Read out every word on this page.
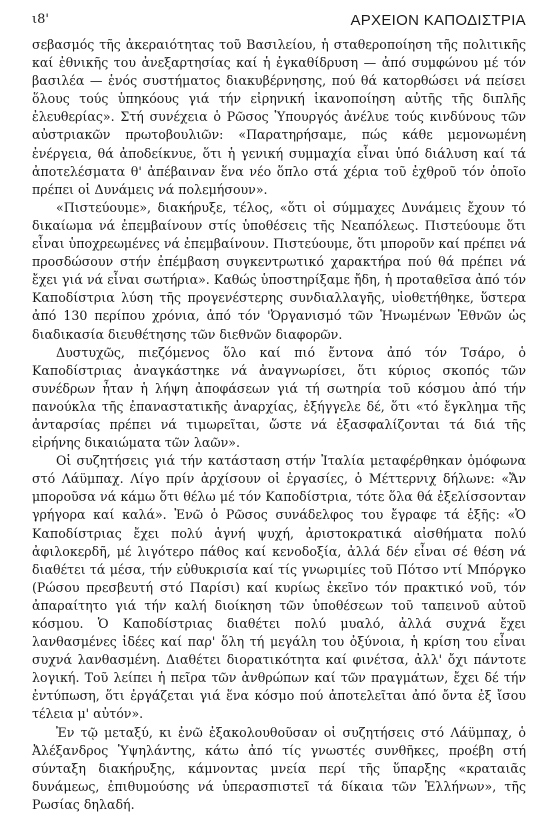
ι8'	ΑΡΧΕΙΟΝ ΚΑΠΟΔΙΣΤΡΙΑ

σεβασμός τῆς ἀκεραιότητας τοῦ Βασιλείου, ἡ σταθεροποίηση τῆς πολιτικῆς καί ἐθνικῆς του ἀνεξαρτησίας καί ἡ ἐγκαθίδρυση — ἀπό συμφώνου μέ τόν βασιλέα — ἑνός συστήματος διακυβέρνησης, πού θά κατορθώσει νά πείσει ὅλους τούς ὑπηκόους γιά τήν εἰρηνική ἱκανοποίηση αὐτῆς τῆς διπλῆς ἐλευθερίας». Στή συνέχεια ὁ Ρῶσος Ὑπουργός ἀνέλυε τούς κινδύνους τῶν αὐστριακῶν πρωτοβουλιῶν: «Παρατηρήσαμε, πώς κάθε μεμονωμένη ἐνέργεια, θά ἀποδείκνυε, ὅτι ἡ γενική συμμαχία εἶναι ὑπό διάλυση καί τά ἀποτελέσματα θ' ἀπέβαιναν ἕνα νέο ὅπλο στά χέρια τοῦ ἐχθροῦ τόν ὁποῖο πρέπει οἱ Δυνάμεις νά πολεμήσουν».

«Πιστεύουμε», διακήρυξε, τέλος, «ὅτι οἱ σύμμαχες Δυνάμεις ἔχουν τό δικαίωμα νά ἐπεμβαίνουν στίς ὑποθέσεις τῆς Νεαπόλεως. Πιστεύουμε ὅτι εἶναι ὑποχρεωμένες νά ἐπεμβαίνουν. Πιστεύουμε, ὅτι μποροῦν καί πρέπει νά προσδώσουν στήν ἐπέμβαση συγκεντρωτικό χαρακτήρα πού θά πρέπει νά ἔχει γιά νά εἶναι σωτήρια». Καθώς ὑποστηρίξαμε ἤδη, ἡ προταθεῖσα ἀπό τόν Καποδίστρια λύση τῆς προγενέστερης συνδιαλλαγῆς, υἱοθετήθηκε, ὕστερα ἀπό 130 περίπου χρόνια, ἀπό τόν 'Ὀργανισμό τῶν Ἡνωμένων Ἐθνῶν ὡς διαδικασία διευθέτησης τῶν διεθνῶν διαφορῶν.

Δυστυχῶς, πιεζόμενος ὅλο καί πιό ἔντονα ἀπό τόν Τσάρο, ὁ Καποδίστριας ἀναγκάστηκε νά ἀναγνωρίσει, ὅτι κύριος σκοπός τῶν συνέδρων ἦταν ἡ λήψη ἀποφάσεων γιά τή σωτηρία τοῦ κόσμου ἀπό τήν πανούκλα τῆς ἐπαναστατικῆς ἀναρχίας, ἐξήγγελε δέ, ὅτι «τό ἔγκλημα τῆς ἀνταρσίας πρέπει νά τιμωρεῖται, ὥστε νά ἐξασφαλίζονται τά διά τῆς εἰρήνης δικαιώματα τῶν λαῶν».

Οἱ συζητήσεις γιά τήν κατάσταση στήν Ἰταλία μεταφέρθηκαν ὁμόφωνα στό Λάϋμπαχ. Λίγο πρίν ἀρχίσουν οἱ ἐργασίες, ὁ Μέττερνιχ δήλωνε: «Ἄν μποροῦσα νά κάμω ὅτι θέλω μέ τόν Καποδίστρια, τότε ὅλα θά ἐξελίσσονταν γρήγορα καί καλά». Ἐνῶ ὁ Ρῶσος συνάδελφος του ἔγραφε τά ἑξῆς: «Ὁ Καποδίστριας ἔχει πολύ ἁγνή ψυχή, ἀριστοκρατικά αἰσθήματα πολύ ἀφιλοκερδῆ, μέ λιγότερο πάθος καί κενοδοξία, ἀλλά δέν εἶναι σέ θέση νά διαθέτει τά μέσα, τήν εὐθυκρισία καί τίς γνωριμίες τοῦ Πότσο ντί Μπόργκο (Ρώσου πρεσβευτή στό Παρίσι) καί κυρίως ἐκεῖνο τόν πρακτικό νοῦ, τόν ἀπαραίτητο γιά τήν καλή διοίκηση τῶν ὑποθέσεων τοῦ ταπεινοῦ αὐτοῦ κόσμου. Ὁ Καποδίστριας διαθέτει πολύ μυαλό, ἀλλά συχνά ἔχει λανθασμένες ἰδέες καί παρ' ὅλη τή μεγάλη του ὀξύνοια, ἡ κρίση του εἶναι συχνά λανθασμένη. Διαθέτει διορατικότητα καί φινέτσα, ἀλλ' ὄχι πάντοτε λογική. Τοῦ λείπει ἡ πεῖρα τῶν ἀνθρώπων καί τῶν πραγμάτων, ἔχει δέ τήν ἐντύπωση, ὅτι ἐργάζεται γιά ἕνα κόσμο πού ἀποτελεῖται ἀπό ὄντα ἐξ ἴσου τέλεια μ' αὐτόν».

Ἐν τῷ μεταξύ, κι ἐνῶ ἐξακολουθοῦσαν οἱ συζητήσεις στό Λάϋμπαχ, ὁ Ἀλέξανδρος Ὑψηλάντης, κάτω ἀπό τίς γνωστές συνθῆκες, προέβη στή σύνταξη διακήρυξης, κάμνοντας μνεία περί τῆς ὕπαρξης «κραταιᾶς δυνάμεως, ἐπιθυμούσης νά ὑπερασπιστεῖ τά δίκαια τῶν Ἑλλήνων», τῆς Ρωσίας δηλαδή.
